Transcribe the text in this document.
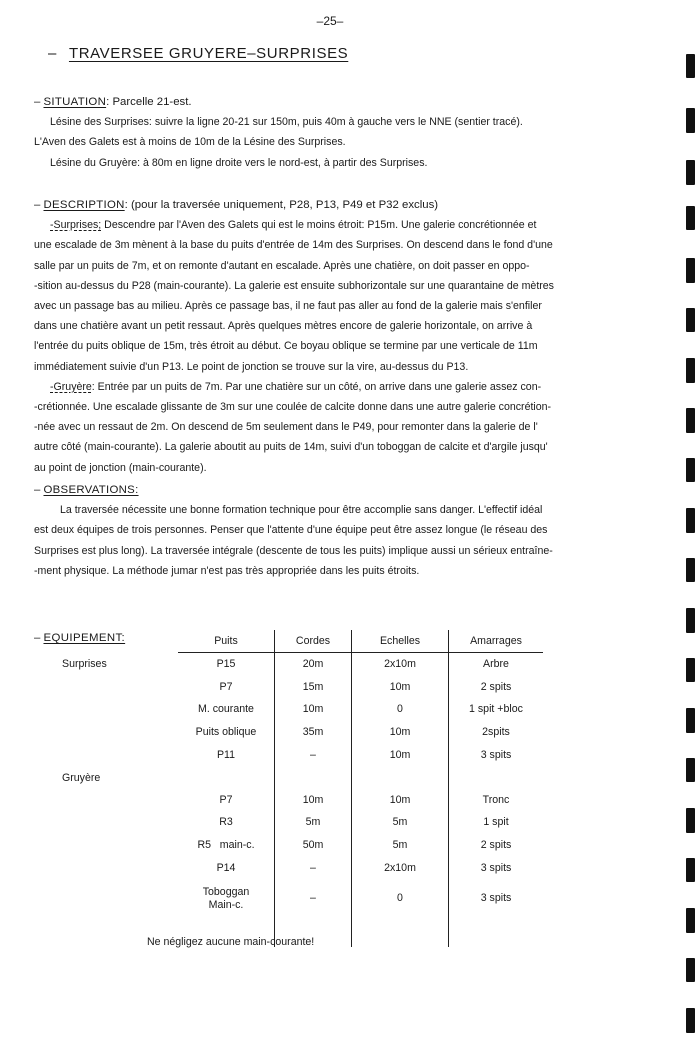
–25–
– TRAVERSEE GRUYERE–SURPRISES
– SITUATION: Parcelle 21-est.
Lésine des Surprises: suivre la ligne 20-21 sur 150m, puis 40m à gauche vers le NNE (sentier tracé).
L'Aven des Galets est à moins de 10m de la Lésine des Surprises.
Lésine du Gruyère: à 80m en ligne droite vers le nord-est, à partir des Surprises.
– DESCRIPTION: (pour la traversée uniquement, P28, P13, P49 et P32 exclus)
-Surprises; Descendre par l'Aven des Galets qui est le moins étroit: P15m. Une galerie concrétionnée et
une escalade de 3m mènent à la base du puits d'entrée de 14m des Surprises. On descend dans le fond d'une
salle par un puits de 7m, et on remonte d'autant en escalade. Après une chatière, on doit passer en oppo-
-sition au-dessus du P28 (main-courante). La galerie est ensuite subhorizontale sur une quarantaine de mètres
avec un passage bas au milieu. Après ce passage bas, il ne faut pas aller au fond de la galerie mais s'enfiler
dans une chatière avant un petit ressaut. Après quelques mètres encore de galerie horizontale, on arrive à
l'entrée du puits oblique de 15m, très étroit au début. Ce boyau oblique se termine par une verticale de 11m
immédiatement suivie d'un P13. Le point de jonction se trouve sur la vire, au-dessus du P13.
-Gruyère: Entrée par un puits de 7m. Par une chatière sur un côté, on arrive dans une galerie assez con-
-crétionnée. Une escalade glissante de 3m sur une coulée de calcite donne dans une autre galerie concrétion-
-née avec un ressaut de 2m. On descend de 5m seulement dans le P49, pour remonter dans la galerie de l'
autre côté (main-courante). La galerie aboutit au puits de 14m, suivi d'un toboggan de calcite et d'argile jusqu'
au point de jonction (main-courante).
– OBSERVATIONS:
La traversée nécessite une bonne formation technique pour être accomplie sans danger. L'effectif idéal
est deux équipes de trois personnes. Penser que l'attente d'une équipe peut être assez longue (le réseau des
Surprises est plus long). La traversée intégrale (descente de tous les puits) implique aussi un sérieux entraîne-
-ment physique. La méthode jumar n'est pas très appropriée dans les puits étroits.
– EQUIPEMENT:
Surprises
Gruyère
Puits	Cordes	Echelles	Amarrages
P15	20m	2x10m	Arbre
P7	15m	10m	2 spits
M. courante	10m	0	1 spit +bloc
Puits oblique	35m	10m	2spits
P11	–	10m	3 spits

P7	10m	10m	Tronc
R3	5m	5m	1 spit
R5   main-c.	50m	5m	2 spits
P14	–	2x10m	3 spits

Toboggan
Main-c.	–	0	3 spits

Ne négligez aucune main-courante!
